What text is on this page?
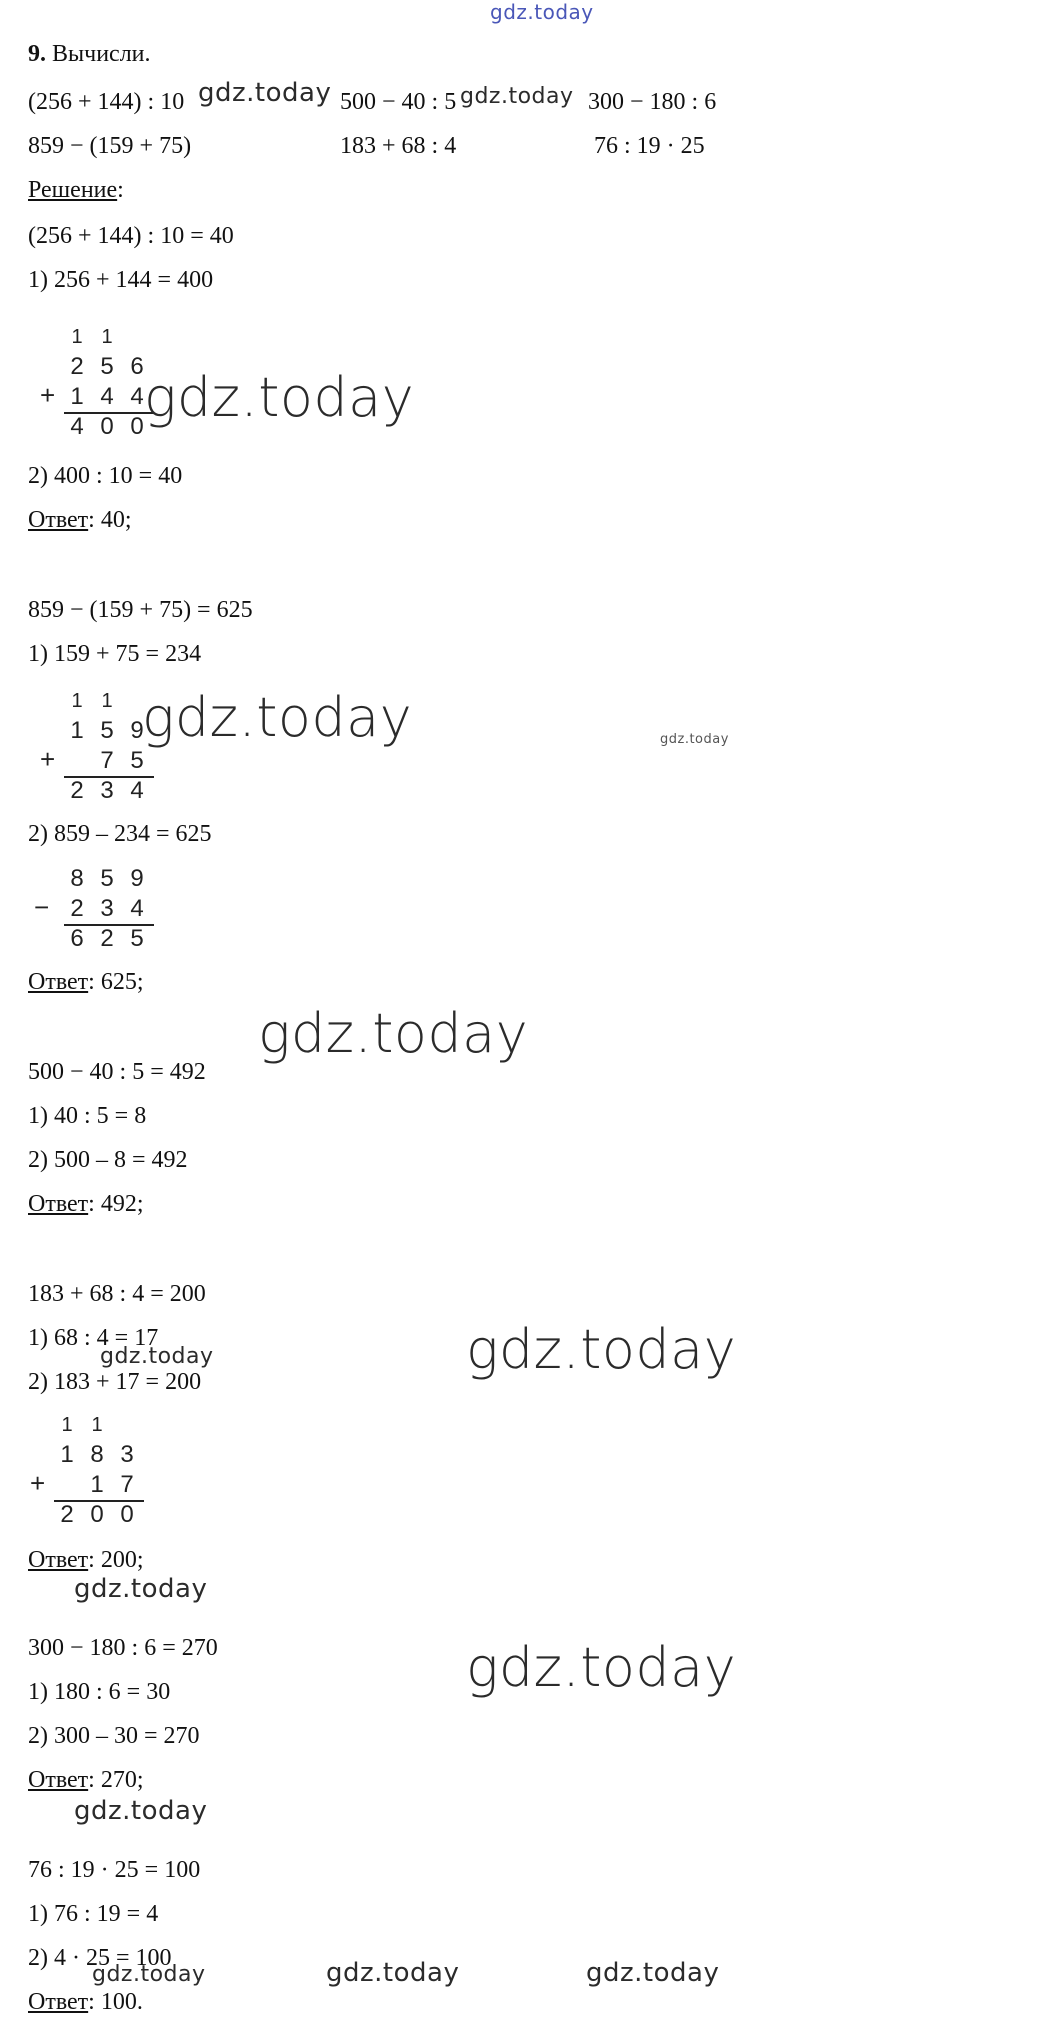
gdz.today
9. Вычисли.
(256 + 144) : 10	500 − 40 : 5	300 − 180 : 6
gdz.today	gdz.today
859 − (159 + 75)	183 + 68 : 4	76 : 19 · 25
Решение:
(256 + 144) : 10 = 40
1) 256 + 144 = 400
1 1
2 5 6
+ 1 4 4
4 0 0 gdz.today
2) 400 : 10 = 40
Ответ: 40;
859 − (159 + 75) = 625
1) 159 + 75 = 234
1 1
1 5 9
+	7 5
2 3 4
gdz.today	gdz.today
2) 859 – 234 = 625
8 5 9
− 2 3 4
6 2 5
Ответ: 625;
gdz.today
500 − 40 : 5 = 492
1) 40 : 5 = 8
2) 500 – 8 = 492
Ответ: 492;
183 + 68 : 4 = 200
1) 68 : 4 = 17
gdz.today	gdz.today
2) 183 + 17 = 200
1 1
1 8 3
+	1 7
2 0 0
Ответ: 200;
gdz.today
300 − 180 : 6 = 270	gdz.today
1) 180 : 6 = 30
2) 300 – 30 = 270
Ответ: 270;
gdz.today
76 : 19 · 25 = 100
1) 76 : 19 = 4
2) 4 · 25 = 100
gdz.today	gdz.today	gdz.today
Ответ: 100.
